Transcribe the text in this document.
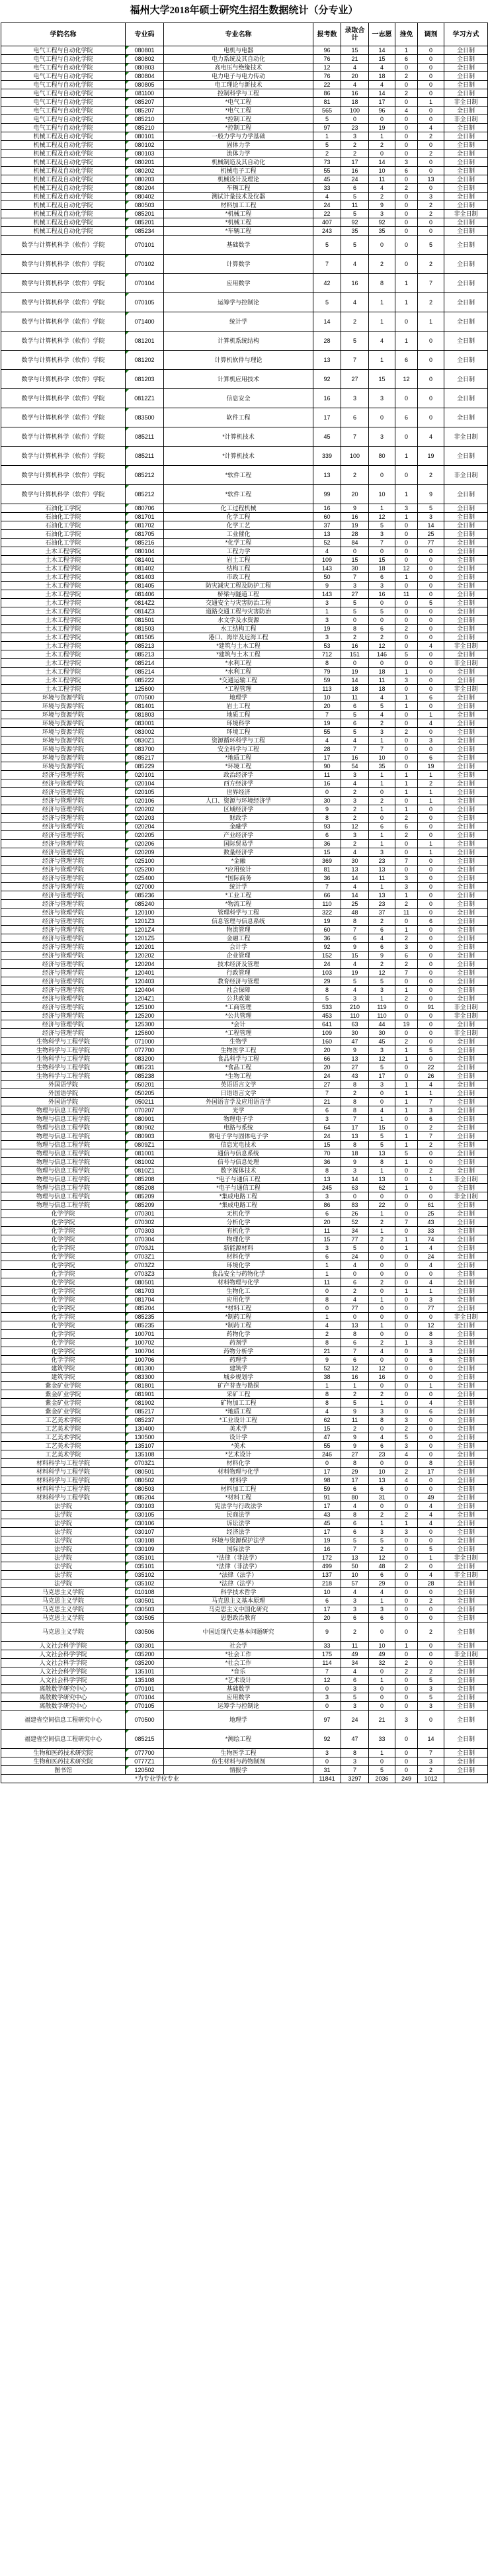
福州大学2018年硕士研究生招生数据统计（分专业）
学院名称	专业码	专业名称	报考数	录取合计	一志愿	推免	调剂	学习方式
电气工程与自动化学院	080801	电机与电器	96	15	14	1	0	全日制
电气工程与自动化学院	080802	电力系统及其自动化	76	21	15	6	0	全日制
电气工程与自动化学院	080803	高电压与绝缘技术	12	4	4	0	0	全日制
电气工程与自动化学院	080804	电力电子与电力传动	76	20	18	2	0	全日制
电气工程与自动化学院	080805	电工理论与新技术	22	4	4	0	0	全日制
电气工程与自动化学院	081100	控制科学与工程	86	16	14	2	0	全日制
电气工程与自动化学院	085207	*电气工程	81	18	17	0	1	非全日制
电气工程与自动化学院	085207	*电气工程	565	100	96	4	0	全日制
电气工程与自动化学院	085210	*控制工程	5	0	0	0	0	非全日制
电气工程与自动化学院	085210	*控制工程	97	23	19	0	4	全日制
机械工程及自动化学院	080101	一般力学与力学基础	1	3	1	0	2	全日制
机械工程及自动化学院	080102	固体力学	5	2	2	0	0	全日制
机械工程及自动化学院	080103	流体力学	2	2	0	0	2	全日制
机械工程及自动化学院	080201	机械制造及其自动化	73	17	14	3	0	全日制
机械工程及自动化学院	080202	机械电子工程	55	16	10	6	0	全日制
机械工程及自动化学院	080203	机械设计及理论	45	24	11	0	13	全日制
机械工程及自动化学院	080204	车辆工程	33	6	4	2	0	全日制
机械工程及自动化学院	080402	测试计量技术及仪器	4	5	2	0	3	全日制
机械工程及自动化学院	080503	材料加工工程	24	11	9	0	2	全日制
机械工程及自动化学院	085201	*机械工程	22	5	3	0	2	非全日制
机械工程及自动化学院	085201	*机械工程	407	92	92	0	0	全日制
机械工程及自动化学院	085234	*车辆工程	243	35	35	0	0	全日制
数学与计算机科学（软件）学院	070101	基础数学	5	5	0	0	5	全日制
数学与计算机科学（软件）学院	070102	计算数学	7	4	2	0	2	全日制
数学与计算机科学（软件）学院	070104	应用数学	42	16	8	1	7	全日制
数学与计算机科学（软件）学院	070105	运筹学与控制论	5	4	1	1	2	全日制
数学与计算机科学（软件）学院	071400	统计学	14	2	1	0	1	全日制
数学与计算机科学（软件）学院	081201	计算机系统结构	28	5	4	1	0	全日制
数学与计算机科学（软件）学院	081202	计算机软件与理论	13	7	1	6	0	全日制
数学与计算机科学（软件）学院	081203	计算机应用技术	92	27	15	12	0	全日制
数学与计算机科学（软件）学院	0812Z1	信息安全	16	3	3	0	0	全日制
数学与计算机科学（软件）学院	083500	软件工程	17	6	0	6	0	全日制
数学与计算机科学（软件）学院	085211	*计算机技术	45	7	3	0	4	非全日制
数学与计算机科学（软件）学院	085211	*计算机技术	339	100	80	1	19	全日制
数学与计算机科学（软件）学院	085212	*软件工程	13	2	0	0	2	非全日制
数学与计算机科学（软件）学院	085212	*软件工程	99	20	10	1	9	全日制
石油化工学院	080706	化工过程机械	16	9	1	3	5	全日制
石油化工学院	081701	化学工程	60	16	12	1	3	全日制
石油化工学院	081702	化学工艺	37	19	5	0	14	全日制
石油化工学院	081705	工业催化	13	28	3	0	25	全日制
石油化工学院	085216	*化学工程	52	84	7	0	77	全日制
土木工程学院	080104	工程力学	4	0	0	0	0	全日制
土木工程学院	081401	岩土工程	109	15	15	0	0	全日制
土木工程学院	081402	结构工程	143	30	18	12	0	全日制
土木工程学院	081403	市政工程	50	7	6	1	0	全日制
土木工程学院	081405	防灾减灾工程及防护工程	9	3	3	0	0	全日制
土木工程学院	081406	桥梁与隧道工程	143	27	16	11	0	全日制
土木工程学院	0814Z2	交通安全与灾害防治工程	3	5	0	0	5	全日制
土木工程学院	0814Z3	道路交通工程与灾害防治	1	5	5	0	0	全日制
土木工程学院	081501	水文学及水资源	3	0	0	0	0	全日制
土木工程学院	081503	水工结构工程	19	8	6	2	0	全日制
土木工程学院	081505	港口、海岸及近海工程	3	2	2	0	0	全日制
土木工程学院	085213	*建筑与土木工程	53	16	12	0	4	非全日制
土木工程学院	085213	*建筑与土木工程	712	151	146	5	0	全日制
土木工程学院	085214	*水利工程	8	0	0	0	0	非全日制
土木工程学院	085214	*水利工程	79	19	18	1	0	全日制
土木工程学院	085222	*交通运输工程	59	14	11	3	0	全日制
土木工程学院	125600	*工程管理	113	18	18	0	0	非全日制
环境与资源学院	070500	地理学	10	11	4	1	6	全日制
环境与资源学院	081401	岩土工程	20	6	5	1	0	全日制
环境与资源学院	081803	地质工程	7	5	4	0	1	全日制
环境与资源学院	083001	环境科学	19	6	2	0	4	全日制
环境与资源学院	083002	环境工程	55	5	3	2	0	全日制
环境与资源学院	0830Z1	资源循环科学与工程	4	4	1	0	3	全日制
环境与资源学院	083700	安全科学与工程	28	7	7	0	0	全日制
环境与资源学院	085217	*地质工程	17	16	10	0	6	全日制
环境与资源学院	085229	*环境工程	90	54	35	0	19	全日制
经济与管理学院	020101	政治经济学	11	3	1	1	1	全日制
经济与管理学院	020104	西方经济学	16	4	1	1	2	全日制
经济与管理学院	020105	世界经济	0	2	0	1	1	全日制
经济与管理学院	020106	人口、资源与环境经济学	30	3	2	0	1	全日制
经济与管理学院	020202	区域经济学	9	2	1	1	0	全日制
经济与管理学院	020203	财政学	8	2	0	2	0	全日制
经济与管理学院	020204	金融学	93	12	6	6	0	全日制
经济与管理学院	020205	产业经济学	6	3	1	2	0	全日制
经济与管理学院	020206	国际贸易学	36	2	1	0	1	全日制
经济与管理学院	020209	数量经济学	15	4	3	0	1	全日制
经济与管理学院	025100	*金融	369	30	23	7	0	全日制
经济与管理学院	025200	*应用统计	81	13	13	0	0	全日制
经济与管理学院	025400	*国际商务	36	14	11	3	0	全日制
经济与管理学院	027000	统计学	7	4	1	3	0	全日制
经济与管理学院	085236	*工业工程	66	14	13	1	0	全日制
经济与管理学院	085240	*物流工程	110	25	23	2	0	全日制
经济与管理学院	120100	管理科学与工程	322	48	37	11	0	全日制
经济与管理学院	1201Z3	信息管理与信息系统	19	8	2	0	6	全日制
经济与管理学院	1201Z4	物流管理	60	7	6	1	0	全日制
经济与管理学院	1201Z5	金融工程	36	6	4	2	0	全日制
经济与管理学院	120201	会计学	92	9	6	3	0	全日制
经济与管理学院	120202	企业管理	152	15	9	6	0	全日制
经济与管理学院	120204	技术经济及管理	24	4	2	2	0	全日制
经济与管理学院	120401	行政管理	103	19	12	7	0	全日制
经济与管理学院	120403	教育经济与管理	29	5	5	0	0	全日制
经济与管理学院	120404	社会保障	8	4	3	1	0	全日制
经济与管理学院	1204Z1	公共政策	5	3	1	2	0	全日制
经济与管理学院	125100	*工商管理	533	210	119	0	91	非全日制
经济与管理学院	125200	*公共管理	453	110	110	0	0	非全日制
经济与管理学院	125300	*会计	641	63	44	19	0	全日制
经济与管理学院	125600	*工程管理	109	30	30	0	0	非全日制
生物科学与工程学院	071000	生物学	160	47	45	2	0	全日制
生物科学与工程学院	077700	生物医学工程	20	9	3	1	5	全日制
生物科学与工程学院	083200	食品科学与工程	66	13	12	1	0	全日制
生物科学与工程学院	085231	*食品工程	20	27	5	0	22	全日制
生物科学与工程学院	085238	*生物工程	24	43	17	0	26	全日制
外国语学院	050201	英语语言文学	27	8	3	1	4	全日制
外国语学院	050205	日语语言文学	7	2	0	1	1	全日制
外国语学院	050211	外国语言学及应用语言学	21	8	0	1	7	全日制
物理与信息工程学院	070207	光学	6	8	4	1	3	全日制
物理与信息工程学院	080901	物理电子学	3	7	1	0	6	全日制
物理与信息工程学院	080902	电路与系统	64	17	15	0	2	全日制
物理与信息工程学院	080903	微电子学与固体电子学	24	13	5	1	7	全日制
物理与信息工程学院	0809Z1	信息光电技术	15	8	5	1	2	全日制
物理与信息工程学院	081001	通信与信息系统	70	18	13	5	0	全日制
物理与信息工程学院	081002	信号与信息处理	36	9	8	1	0	全日制
物理与信息工程学院	0810Z1	数字媒体技术	8	3	1	0	2	全日制
物理与信息工程学院	085208	*电子与通信工程	13	14	13	0	1	非全日制
物理与信息工程学院	085208	*电子与通信工程	245	63	62	1	0	全日制
物理与信息工程学院	085209	*集成电路工程	3	0	0	0	0	非全日制
物理与信息工程学院	085209	*集成电路工程	86	83	22	0	61	全日制
化学学院	070301	无机化学	6	26	1	0	25	全日制
化学学院	070302	分析化学	20	52	2	7	43	全日制
化学学院	070303	有机化学	11	34	1	0	33	全日制
化学学院	070304	物理化学	15	77	2	1	74	全日制
化学学院	0703J1	新能源材料	3	5	0	1	4	全日制
化学学院	0703Z1	材料化学	6	24	0	0	24	全日制
化学学院	0703Z2	环境化学	1	4	0	0	4	全日制
化学学院	0703Z3	食品安全与药物化学	1	0	0	0	0	全日制
化学学院	080501	材料物理与化学	11	6	2	0	4	全日制
化学学院	081703	生物化工	0	2	0	1	1	全日制
化学学院	081704	应用化学	8	4	1	0	3	全日制
化学学院	085204	*材料工程	0	77	0	0	77	全日制
化学学院	085235	*制药工程	1	0	0	0	0	非全日制
化学学院	085235	*制药工程	4	13	1	0	12	全日制
化学学院	100701	药物化学	2	8	0	0	8	全日制
化学学院	100702	药剂学	8	6	2	1	3	全日制
化学学院	100704	药物分析学	21	7	4	0	3	全日制
化学学院	100706	药理学	9	6	0	0	6	全日制
建筑学院	081300	建筑学	52	12	12	0	0	全日制
建筑学院	083300	城乡规划学	38	16	16	0	0	全日制
紫金矿业学院	081801	矿产普查与勘探	1	1	0	0	1	全日制
紫金矿业学院	081901	采矿工程	8	2	2	0	0	全日制
紫金矿业学院	081902	矿物加工工程	8	5	1	0	4	全日制
紫金矿业学院	085217	*地质工程	4	9	3	0	6	全日制
工艺美术学院	085237	*工业设计工程	62	11	8	3	0	全日制
工艺美术学院	130400	美术学	15	2	0	2	0	全日制
工艺美术学院	130500	设计学	47	9	4	5	0	全日制
工艺美术学院	135107	*美术	55	9	6	3	0	全日制
工艺美术学院	135108	*艺术设计	246	27	23	4	0	全日制
材料科学与工程学院	0703Z1	材料化学	0	8	0	0	8	全日制
材料科学与工程学院	080501	材料物理与化学	17	29	10	2	17	全日制
材料科学与工程学院	080502	材料学	98	17	13	4	0	全日制
材料科学与工程学院	080503	材料加工工程	59	6	6	0	0	全日制
材料科学与工程学院	085204	*材料工程	91	80	31	0	49	全日制
法学院	030103	宪法学与行政法学	17	4	0	0	4	全日制
法学院	030105	民商法学	43	8	2	2	4	全日制
法学院	030106	诉讼法学	45	6	1	1	4	全日制
法学院	030107	经济法学	17	6	3	3	0	全日制
法学院	030108	环境与资源保护法学	19	5	5	0	0	全日制
法学院	030109	国际法学	16	7	2	0	5	全日制
法学院	035101	*法律（非法学）	172	13	12	0	1	非全日制
法学院	035101	*法律（非法学）	499	50	48	2	0	全日制
法学院	035102	*法律（法学）	137	10	6	0	4	非全日制
法学院	035102	*法律（法学）	218	57	29	0	28	全日制
马克思主义学院	010108	科学技术哲学	10	4	4	0	0	全日制
马克思主义学院	030501	马克思主义基本原理	6	3	1	0	2	全日制
马克思主义学院	030503	马克思主义中国化研究	17	3	3	0	0	全日制
马克思主义学院	030505	思想政治教育	20	6	6	0	0	全日制
马克思主义学院	030506	中国近现代史基本问题研究	9	2	0	0	2	全日制
人文社会科学学院	030301	社会学	33	11	10	1	0	全日制
人文社会科学学院	035200	*社会工作	175	49	49	0	0	非全日制
人文社会科学学院	035200	*社会工作	114	34	32	2	0	全日制
人文社会科学学院	135101	*音乐	7	4	0	2	2	全日制
人文社会科学学院	135108	*艺术设计	12	6	1	0	5	全日制
离散数学研究中心	070101	基础数学	0	3	0	0	3	全日制
离散数学研究中心	070104	应用数学	3	5	0	0	5	全日制
离散数学研究中心	070105	运筹学与控制论	0	3	0	0	3	全日制
福建省空间信息工程研究中心	070500	地理学	97	24	21	3	0	全日制
福建省空间信息工程研究中心	085215	*测绘工程	92	47	33	0	14	全日制
生物和医药技术研究院	077700	生物医学工程	3	8	1	0	7	全日制
生物和医药技术研究院	0777Z1	仿生材料与药物制剂	0	3	0	0	3	全日制
图书馆	120502	情报学	31	7	5	0	2	全日制
*为专业学位专业			11841	3297	2036	249	1012	
